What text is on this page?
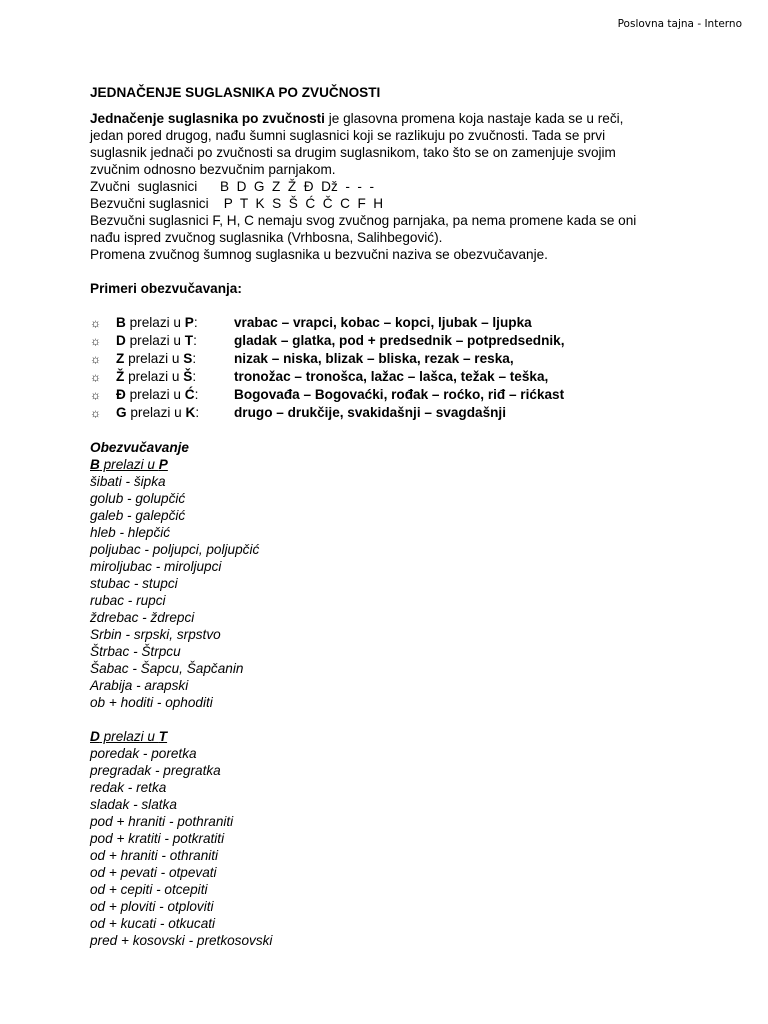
Poslovna tajna - Interno
JEDNAČENJE SUGLASNIKA PO ZVUČNOSTI

Jednačenje suglasnika po zvučnosti je glasovna promena koja nastaje kada se u reči,

jedan pored drugog, nađu šumni suglasnici koji se razlikuju po zvučnosti. Tada se prvi

suglasnik jednači po zvučnosti sa drugim suglasnikom, tako što se on zamenjuje svojim

zvučnim odnosno bezvučnim parnjakom.

Zvučni  suglasnici      B  D  G  Z  Ž  Đ  Dž  -  -  -

Bezvučni suglasnici    P  T  K  S  Š  Ć  Č  C  F  H

Bezvučni suglasnici F, H, C nemaju svog zvučnog parnjaka, pa nema promene kada se oni

nađu ispred zvučnog suglasnika (Vrhbosna, Salihbegović).

Promena zvučnog šumnog suglasnika u bezvučni naziva se obezvučavanje.

Primeri obezvučavanja:

☼	B prelazi u P:	vrabac – vrapci, kobac – kopci, ljubak – ljupka
☼	D prelazi u T:	gladak – glatka, pod + predsednik – potpredsednik,
☼	Z prelazi u S:	nizak – niska, blizak – bliska, rezak – reska,
☼	Ž prelazi u Š:	tronožac – tronošca, lažac – lašca, težak – teška,
☼	Đ prelazi u Ć:	Bogovađa – Bogovaćki, rođak – roćko, riđ – rićkast
☼	G prelazi u K:	drugo – drukčije, svakidašnji – svagdašnji

Obezvučavanje

B prelazi u P

šibati - šipka

golub - golupčić

galeb - galepčić

hleb - hlepčić

poljubac - poljupci, poljupčić

miroljubac - miroljupci

stubac - stupci

rubac - rupci

ždrebac - ždrepci

Srbin - srpski, srpstvo

Štrbac - Štrpcu

Šabac - Šapcu, Šapčanin

Arabija - arapski

ob + hoditi - ophoditi

D prelazi u T

poredak - poretka

pregradak - pregratka

redak - retka

sladak - slatka

pod + hraniti - pothraniti

pod + kratiti - potkratiti

od + hraniti - othraniti

od + pevati - otpevati

od + cepiti - otcepiti

od + ploviti - otploviti

od + kucati - otkucati

pred + kosovski - pretkosovski
